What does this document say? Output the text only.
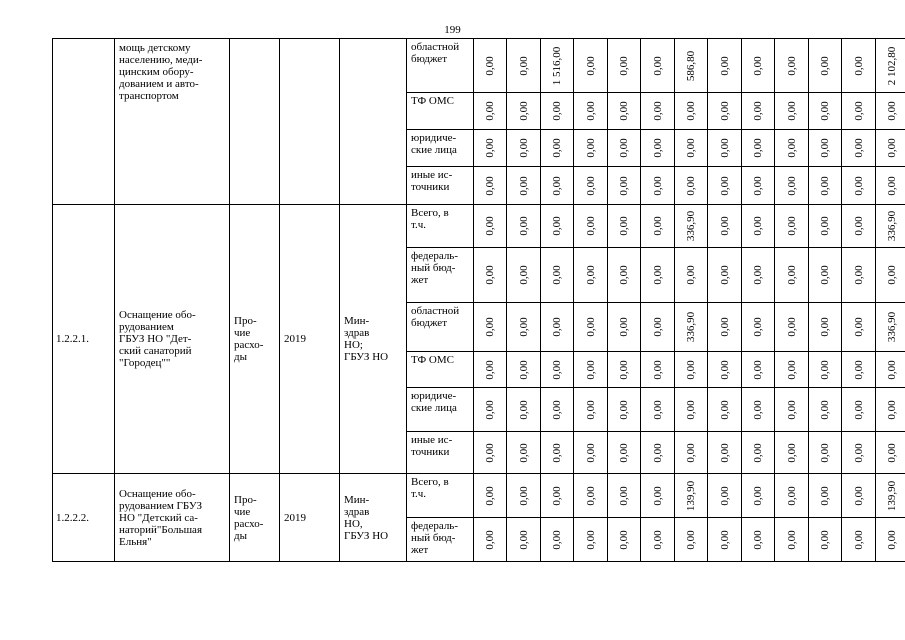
199
	мощь детскому
населению, меди-
цинским обору-
дованием и авто-
транспортом				областной бюджет	0,00	0,00	1 516,00	0,00	0,00	0,00	586,80	0,00	0,00	0,00	0,00	0,00	2 102,80

					ТФ ОМС	0,00	0,00	0,00	0,00	0,00	0,00	0,00	0,00	0,00	0,00	0,00	0,00	0,00

					юридиче-
ские лица	0,00	0,00	0,00	0,00	0,00	0,00	0,00	0,00	0,00	0,00	0,00	0,00	0,00

					иные ис-
точники	0,00	0,00	0,00	0,00	0,00	0,00	0,00	0,00	0,00	0,00	0,00	0,00	0,00

1.2.2.1.	Оснащение обо-
рудованием
ГБУЗ НО "Дет-
ский санаторий
"Городец""	Про-
чие
расхо-
ды	2019	Мин-
здрав
НО;
ГБУЗ НО	Всего, в
т.ч.	0,00	0,00	0,00	0,00	0,00	0,00	336,90	0,00	0,00	0,00	0,00	0,00	336,90

					федераль-
ный бюд-
жет	0,00	0,00	0,00	0,00	0,00	0,00	0,00	0,00	0,00	0,00	0,00	0,00	0,00

					областной бюджет	0,00	0,00	0,00	0,00	0,00	0,00	336,90	0,00	0,00	0,00	0,00	0,00	336,90

					ТФ ОМС	0,00	0,00	0,00	0,00	0,00	0,00	0,00	0,00	0,00	0,00	0,00	0,00	0,00

					юридиче-
ские лица	0,00	0,00	0,00	0,00	0,00	0,00	0,00	0,00	0,00	0,00	0,00	0,00	0,00

					иные ис-
точники	0,00	0,00	0,00	0,00	0,00	0,00	0,00	0,00	0,00	0,00	0,00	0,00	0,00

1.2.2.2.	Оснащение обо-
рудованием ГБУЗ
НО "Детский са-
наторий"Большая
Ельня"	Про-
чие
расхо-
ды	2019	Мин-
здрав
НО,
ГБУЗ НО	Всего, в
т.ч.	0,00	0,00	0,00	0,00	0,00	0,00	139,90	0,00	0,00	0,00	0,00	0,00	139,90

					федераль-
ный бюд-
жет	0,00	0,00	0,00	0,00	0,00	0,00	0,00	0,00	0,00	0,00	0,00	0,00	0,00
